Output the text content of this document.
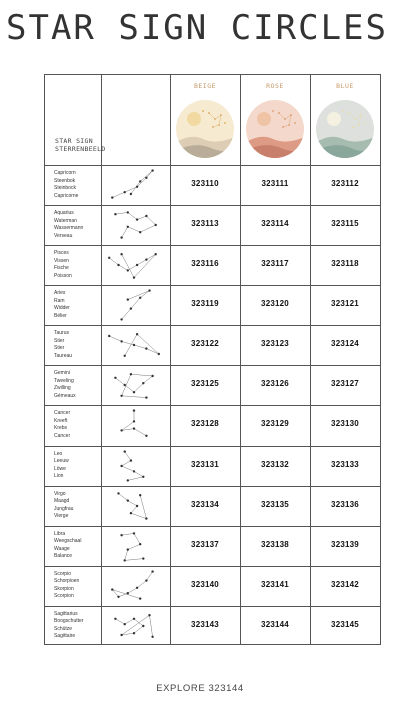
STAR SIGN CIRCLES
STAR SIGN
STERRENBEELD
BEIGE	ROSE	BLUE
Capricorn
Steenbok
Steinbock
Capricorne
323110	323111	323112
Aquarius
Waterman
Wassermann
Verseau
323113	323114	323115
Pisces
Vissen
Fische
Poisson
323116	323117	323118
Aries
Ram
Widder
Bélier
323119	323120	323121
Taurus
Stier
Stier
Taureau
323122	323123	323124
Gemini
Tweeling
Zwilling
Gémeaux
323125	323126	323127
Cancer
Kreeft
Krebs
Cancer
323128	323129	323130
Leo
Leeuw
Löwe
Lion
323131	323132	323133
Virgo
Maagd
Jungfrau
Vierge
323134	323135	323136
Libra
Weegschaal
Waage
Balance
323137	323138	323139
Scorpio
Schorpioen
Skorpion
Scorpion
323140	323141	323142
Sagittarius
Boogschutter
Schütze
Sagittaire
323143	323144	323145
EXPLORE 323144
